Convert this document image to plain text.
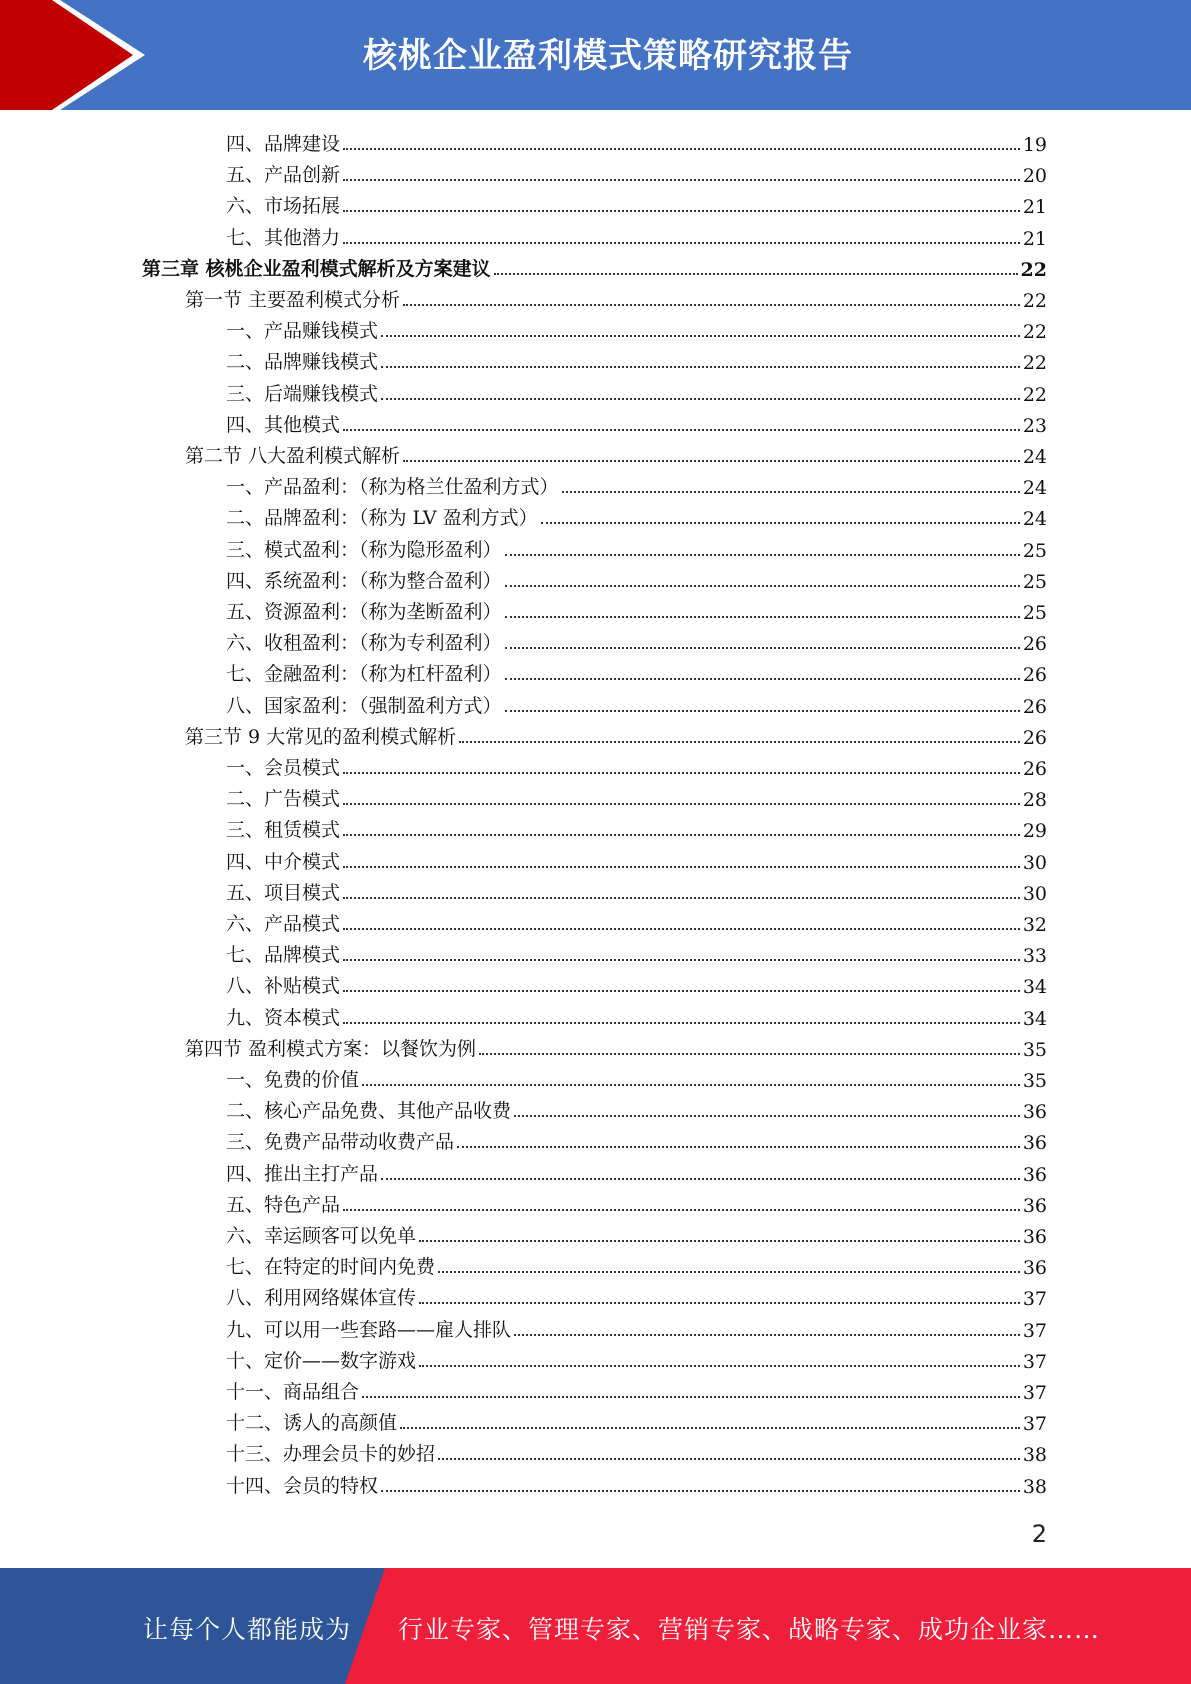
核桃企业盈利模式策略研究报告
四、品牌建设	19
五、产品创新	20
六、市场拓展	21
七、其他潜力	21
第三章 核桃企业盈利模式解析及方案建议	22
第一节 主要盈利模式分析	22
一、产品赚钱模式	22
二、品牌赚钱模式	22
三、后端赚钱模式	22
四、其他模式	23
第二节 八大盈利模式解析	24
一、产品盈利：（称为格兰仕盈利方式）	24
二、品牌盈利：（称为 LV 盈利方式）	24
三、模式盈利：（称为隐形盈利）	25
四、系统盈利：（称为整合盈利）	25
五、资源盈利：（称为垄断盈利）	25
六、收租盈利：（称为专利盈利）	26
七、金融盈利：（称为杠杆盈利）	26
八、国家盈利：（强制盈利方式）	26
第三节 9 大常见的盈利模式解析	26
一、会员模式	26
二、广告模式	28
三、租赁模式	29
四、中介模式	30
五、项目模式	30
六、产品模式	32
七、品牌模式	33
八、补贴模式	34
九、资本模式	34
第四节 盈利模式方案：以餐饮为例	35
一、免费的价值	35
二、核心产品免费、其他产品收费	36
三、免费产品带动收费产品	36
四、推出主打产品	36
五、特色产品	36
六、幸运顾客可以免单	36
七、在特定的时间内免费	36
八、利用网络媒体宣传	37
九、可以用一些套路——雇人排队	37
十、定价——数字游戏	37
十一、商品组合	37
十二、诱人的高颜值	37
十三、办理会员卡的妙招	38
十四、会员的特权	38
2
让每个人都能成为 行业专家、管理专家、营销专家、战略专家、成功企业家……
